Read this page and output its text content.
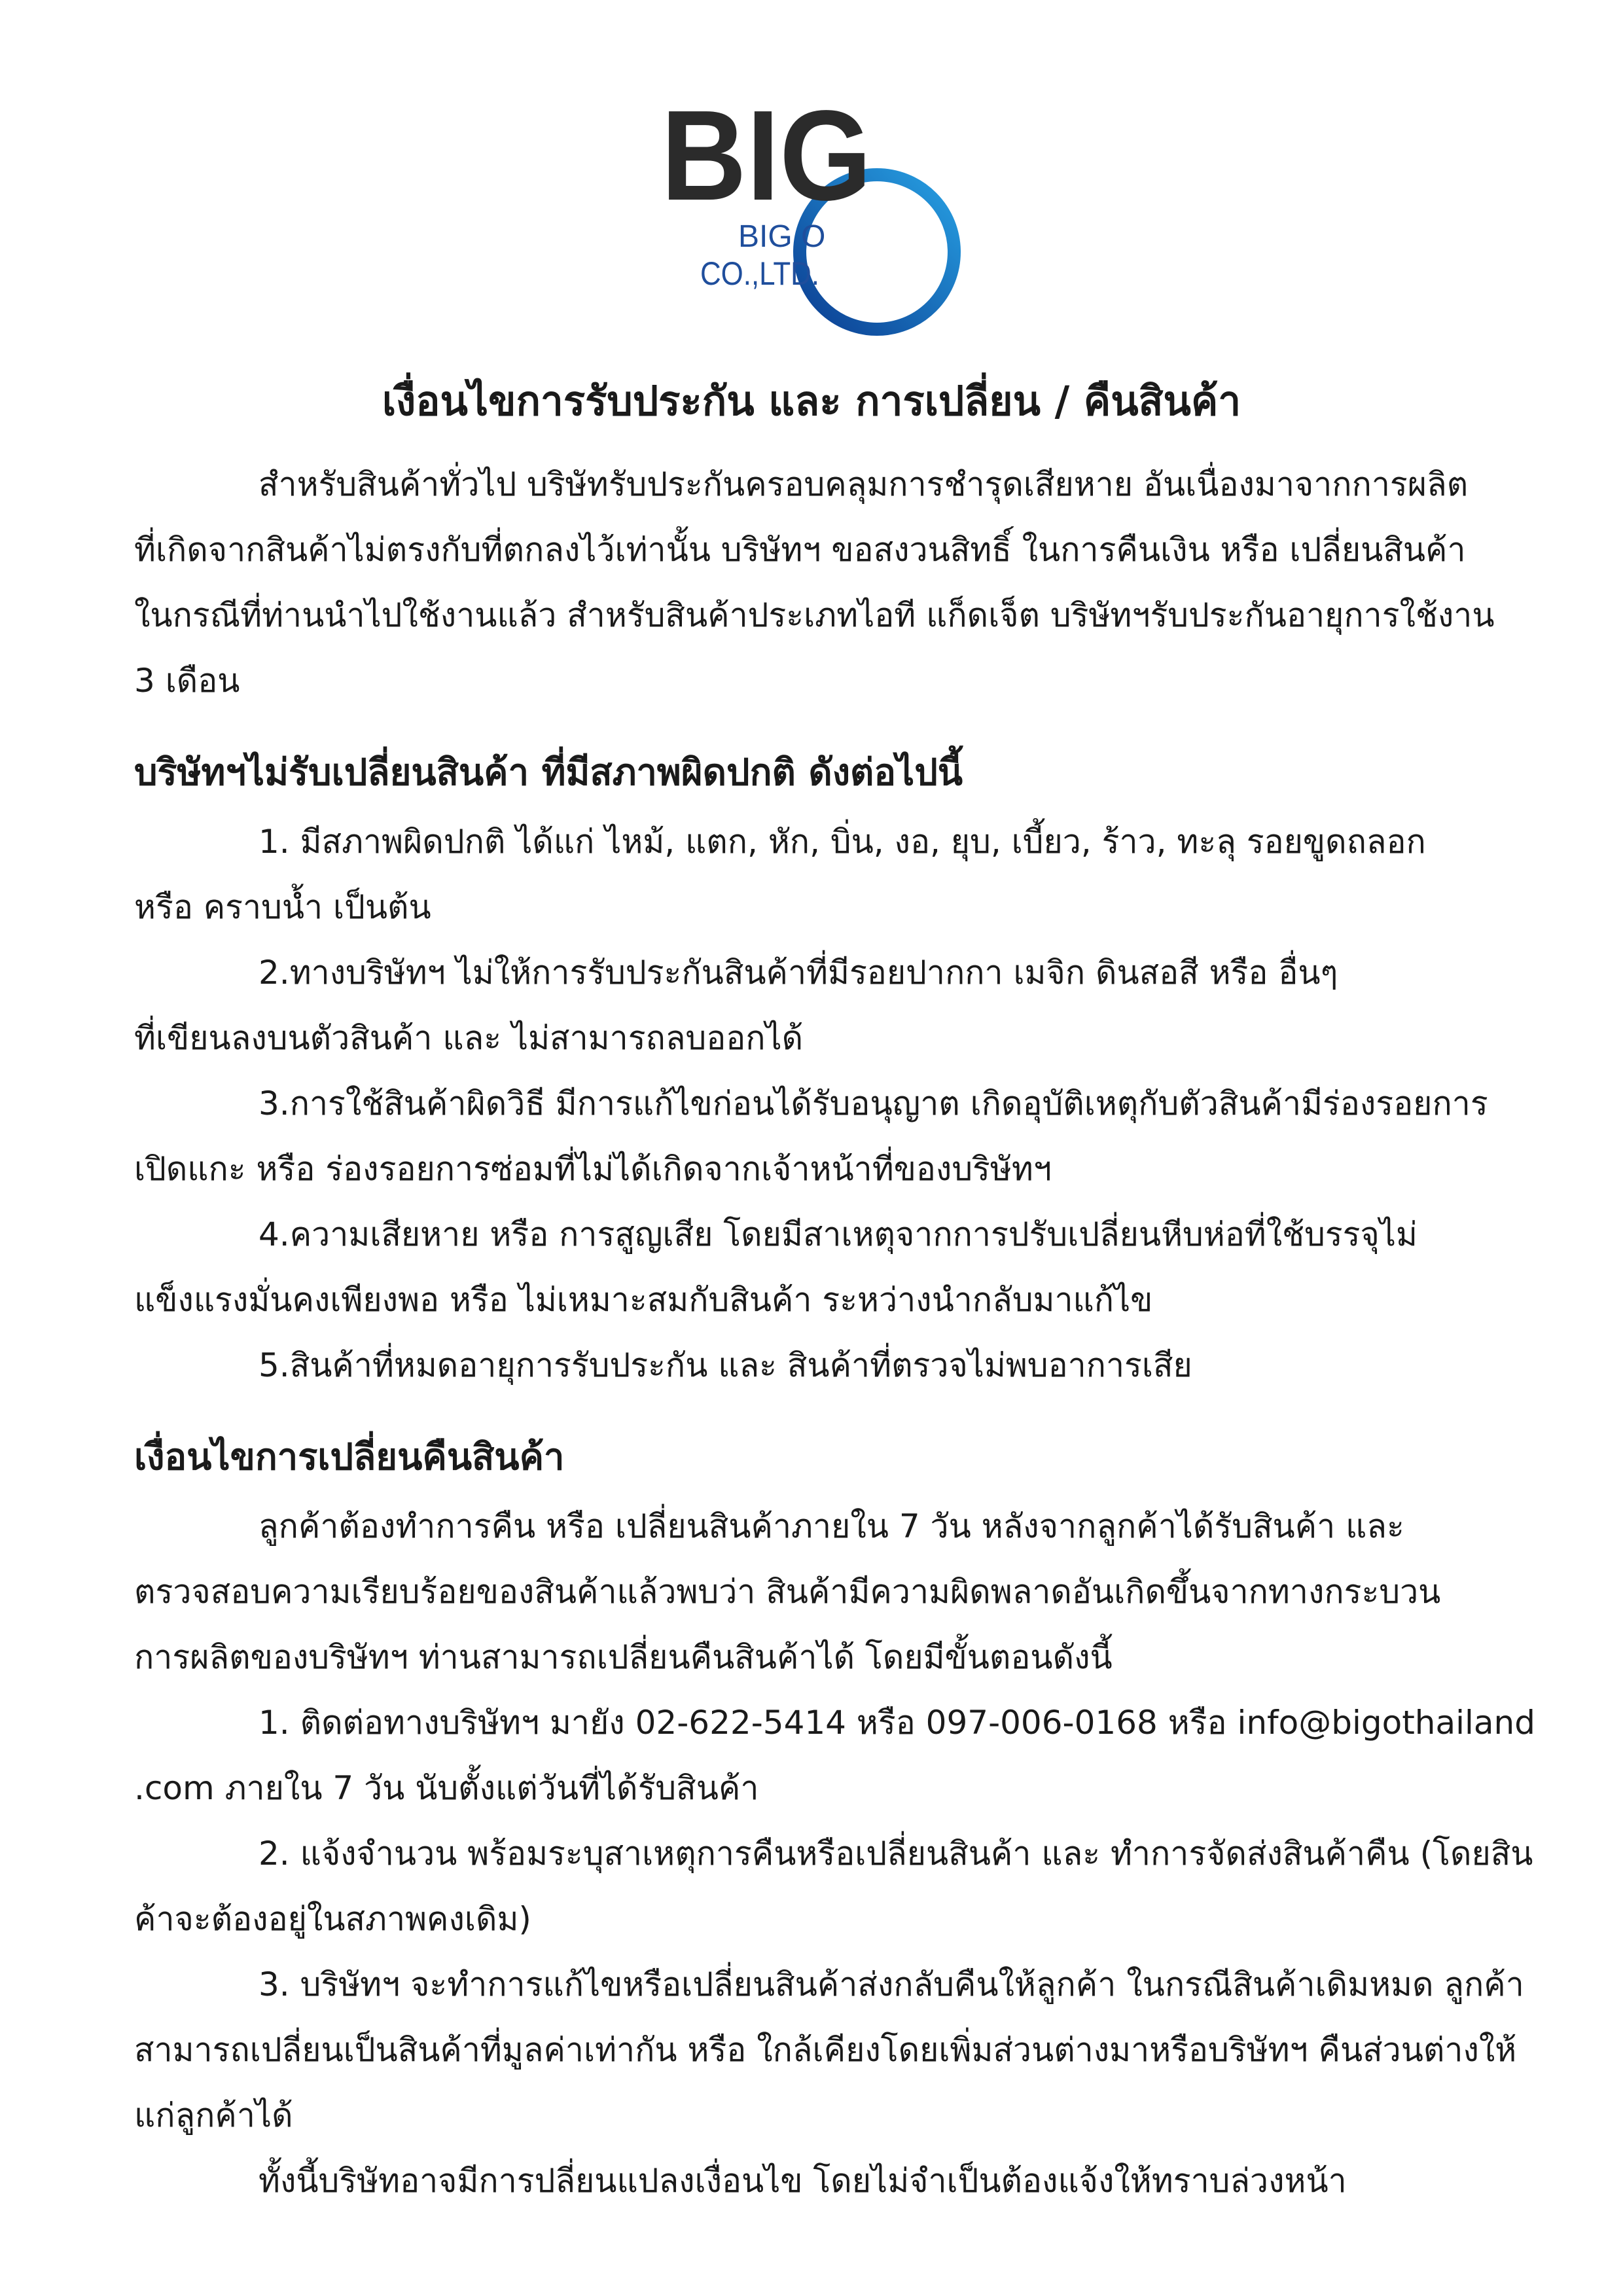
BIG
BIG O
CO.,LTD.
เงื่อนไขการรับประกัน และ การเปลี่ยน / คืนสินค้า

สำหรับสินค้าทั่วไป บริษัทรับประกันครอบคลุมการชำรุดเสียหาย อันเนื่องมาจากการผลิต

ที่เกิดจากสินค้าไม่ตรงกับที่ตกลงไว้เท่านั้น บริษัทฯ ขอสงวนสิทธิ์ ในการคืนเงิน หรือ เปลี่ยนสินค้า

ในกรณีที่ท่านนำไปใช้งานแล้ว สำหรับสินค้าประเภทไอที แก็ดเจ็ต บริษัทฯรับประกันอายุการใช้งาน

3 เดือน

บริษัทฯไม่รับเปลี่ยนสินค้า ที่มีสภาพผิดปกติ ดังต่อไปนี้

1. มีสภาพผิดปกติ ได้แก่ ไหม้, แตก, หัก, บิ่น, งอ, ยุบ, เบี้ยว, ร้าว, ทะลุ รอยขูดถลอก

หรือ คราบน้ำ เป็นต้น

2.ทางบริษัทฯ ไม่ให้การรับประกันสินค้าที่มีรอยปากกา เมจิก ดินสอสี หรือ อื่นๆ

ที่เขียนลงบนตัวสินค้า และ ไม่สามารถลบออกได้

3.การใช้สินค้าผิดวิธี มีการแก้ไขก่อนได้รับอนุญาต เกิดอุบัติเหตุกับตัวสินค้ามีร่องรอยการ

เปิดแกะ หรือ ร่องรอยการซ่อมที่ไม่ได้เกิดจากเจ้าหน้าที่ของบริษัทฯ

4.ความเสียหาย หรือ การสูญเสีย โดยมีสาเหตุจากการปรับเปลี่ยนหีบห่อที่ใช้บรรจุไม่

แข็งแรงมั่นคงเพียงพอ หรือ ไม่เหมาะสมกับสินค้า ระหว่างนำกลับมาแก้ไข

5.สินค้าที่หมดอายุการรับประกัน และ สินค้าที่ตรวจไม่พบอาการเสีย

เงื่อนไขการเปลี่ยนคืนสินค้า

ลูกค้าต้องทำการคืน หรือ เปลี่ยนสินค้าภายใน 7 วัน หลังจากลูกค้าได้รับสินค้า และ

ตรวจสอบความเรียบร้อยของสินค้าแล้วพบว่า สินค้ามีความผิดพลาดอันเกิดขึ้นจากทางกระบวน

การผลิตของบริษัทฯ ท่านสามารถเปลี่ยนคืนสินค้าได้ โดยมีขั้นตอนดังนี้

1. ติดต่อทางบริษัทฯ มายัง 02-622-5414 หรือ 097-006-0168 หรือ info@bigothailand

.com ภายใน 7 วัน นับตั้งแต่วันที่ได้รับสินค้า

2. แจ้งจำนวน พร้อมระบุสาเหตุการคืนหรือเปลี่ยนสินค้า และ ทำการจัดส่งสินค้าคืน (โดยสิน

ค้าจะต้องอยู่ในสภาพคงเดิม)

3. บริษัทฯ จะทำการแก้ไขหรือเปลี่ยนสินค้าส่งกลับคืนให้ลูกค้า ในกรณีสินค้าเดิมหมด ลูกค้า

สามารถเปลี่ยนเป็นสินค้าที่มูลค่าเท่ากัน หรือ ใกล้เคียงโดยเพิ่มส่วนต่างมาหรือบริษัทฯ คืนส่วนต่างให้

แก่ลูกค้าได้

ทั้งนี้บริษัทอาจมีการปลี่ยนแปลงเงื่อนไข โดยไม่จำเป็นต้องแจ้งให้ทราบล่วงหน้า
